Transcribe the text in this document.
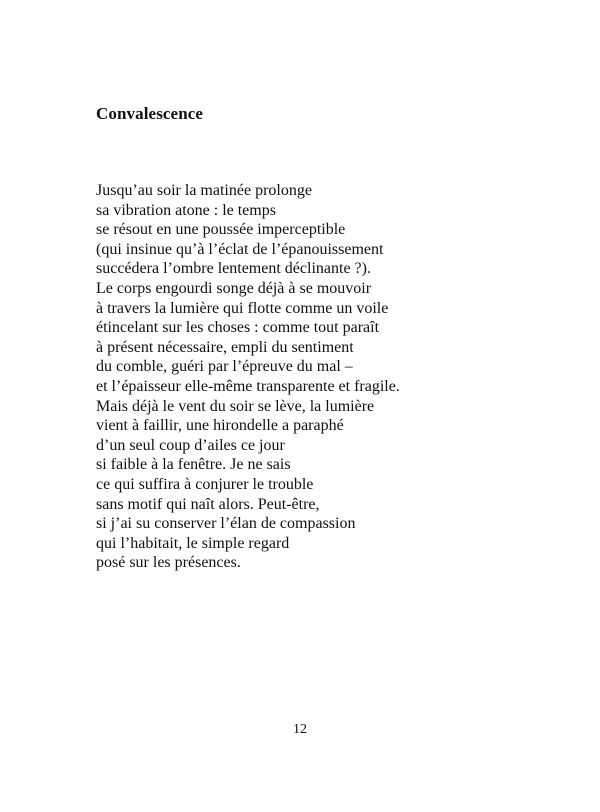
Convalescence
Jusqu’au soir la matinée prolonge
sa vibration atone : le temps
se résout en une poussée imperceptible
(qui insinue qu’à l’éclat de l’épanouissement
succédera l’ombre lentement déclinante ?).
Le corps engourdi songe déjà à se mouvoir
à travers la lumière qui flotte comme un voile
étincelant sur les choses : comme tout paraît
à présent nécessaire, empli du sentiment
du comble, guéri par l’épreuve du mal –
et l’épaisseur elle-même transparente et fragile.
Mais déjà le vent du soir se lève, la lumière
vient à faillir, une hirondelle a paraphé
d’un seul coup d’ailes ce jour
si faible à la fenêtre. Je ne sais
ce qui suffira à conjurer le trouble
sans motif qui naît alors. Peut-être,
si j’ai su conserver l’élan de compassion
qui l’habitait, le simple regard
posé sur les présences.
12
